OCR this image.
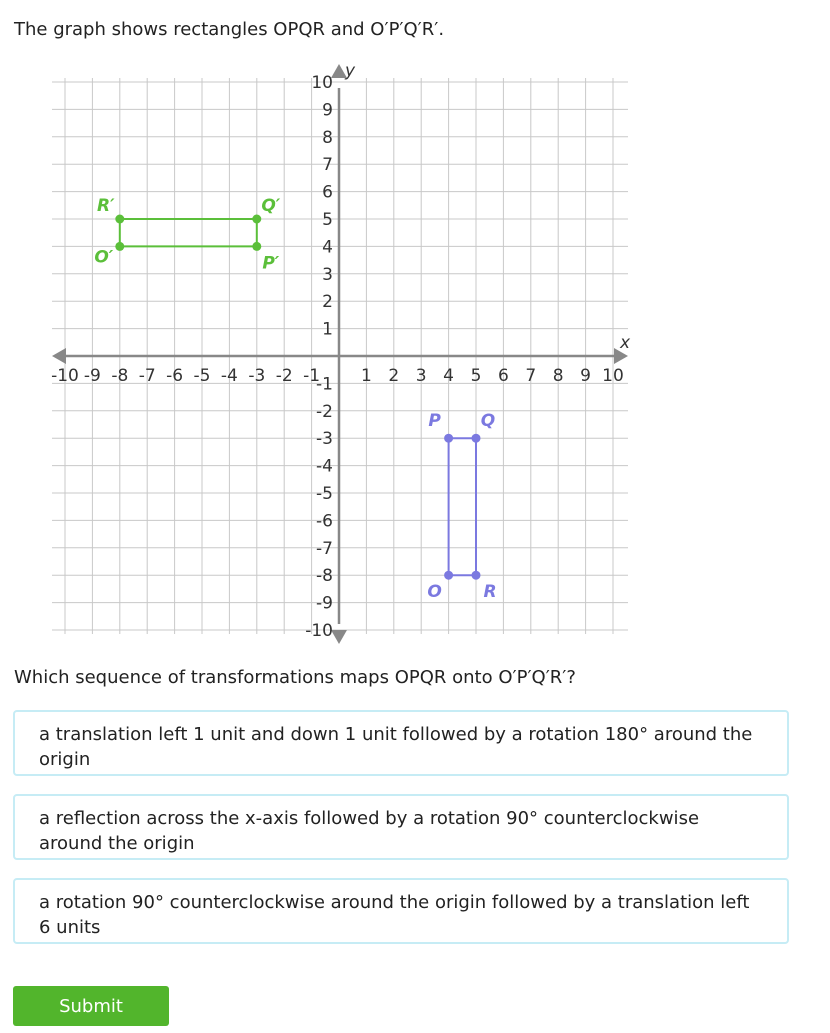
The graph shows rectangles OPQR and O′P′Q′R′.

x
y
-10 -9 -8 -7 -6 -5 -4 -3 -2 -1 1 2 3 4 5 6 7 8 9 10
10
9
8
7
6
5
4
3
2
1
-1
-2
-3
-4
-5
-6
-7
-8
-9
-10
O
P Q
R
O′	P′
Q′
R′

Which sequence of transformations maps OPQR onto O′P′Q′R′?

a translation left 1 unit and down 1 unit followed by a rotation 180° around the origin
a reflection across the x-axis followed by a rotation 90° counterclockwise around the origin
a rotation 90° counterclockwise around the origin followed by a translation left 6 units
Submit
